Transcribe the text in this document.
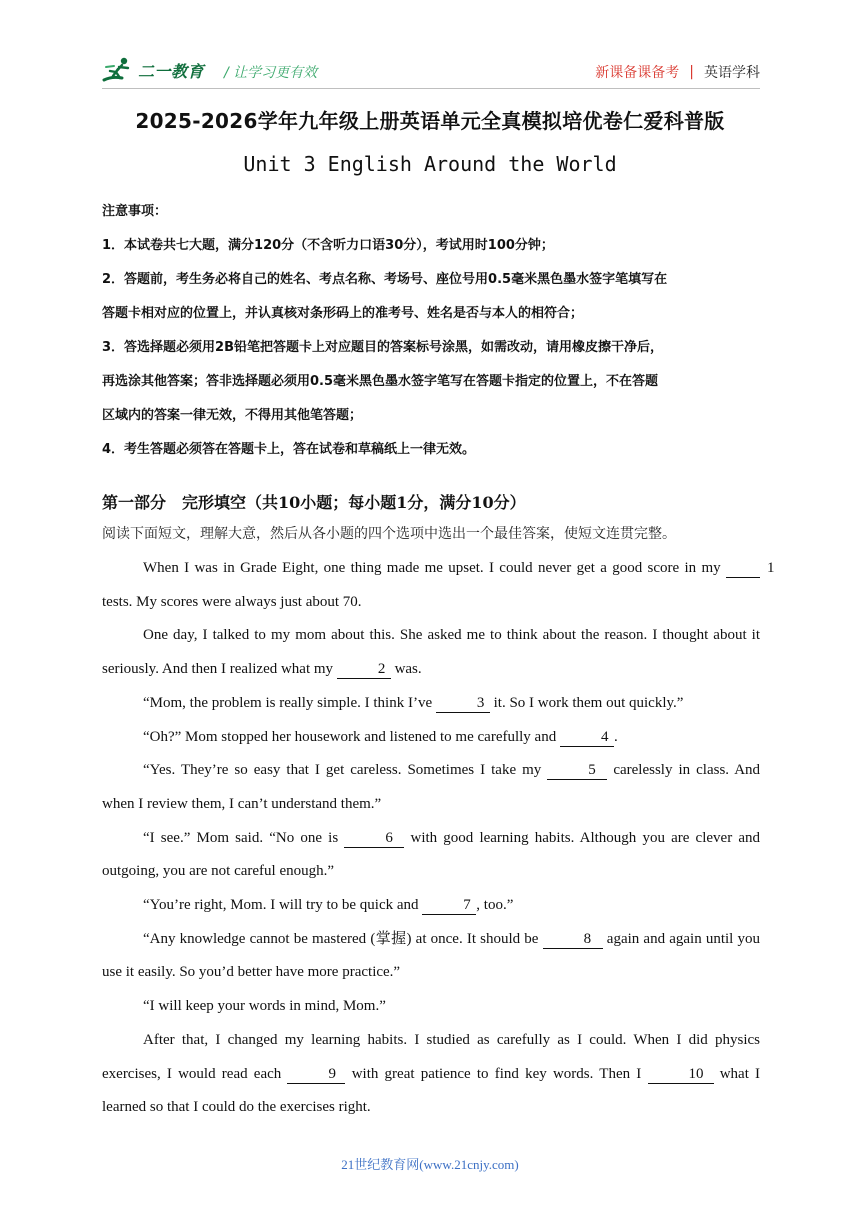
二一教育 / 让学习更有效	新课备课备考 | 英语学科
2025-2026学年九年级上册英语单元全真模拟培优卷仁爱科普版
Unit 3 English Around the World
注意事项：
1．本试卷共七大题，满分120分（不含听力口语30分），考试用时100分钟；
2．答题前，考生务必将自己的姓名、考点名称、考场号、座位号用0.5毫米黑色墨水签字笔填写在
答题卡相对应的位置上，并认真核对条形码上的准考号、姓名是否与本人的相符合；
3．答选择题必须用2B铅笔把答题卡上对应题目的答案标号涂黑，如需改动，请用橡皮擦干净后，
再选涂其他答案；答非选择题必须用0.5毫米黑色墨水签字笔写在答题卡指定的位置上，不在答题
区域内的答案一律无效，不得用其他笔答题；
4．考生答题必须答在答题卡上，答在试卷和草稿纸上一律无效。
第一部分　完形填空（共10小题；每小题1分，满分10分）
阅读下面短文，理解大意，然后从各小题的四个选项中选出一个最佳答案，使短文连贯完整。

When I was in Grade Eight, one thing made me upset. I could never get a good score in my	1 tests. My scores were always just about 70.

One day, I talked to my mom about this. She asked me to think about the reason. I thought about it seriously. And then I realized what my	2 was.

“Mom, the problem is really simple. I think I’ve	3 it. So I work them out quickly.”

“Oh?” Mom stopped her housework and listened to me carefully and	4 .

“Yes. They’re so easy that I get careless. Sometimes I take my	5 carelessly in class. And when I review them, I can’t understand them.”

“I see.” Mom said. “No one is	6 with good learning habits. Although you are clever and outgoing, you are not careful enough.”

“You’re right, Mom. I will try to be quick and	7 , too.”

“Any knowledge cannot be mastered (掌握) at once. It should be	8 again and again until you use it easily. So you’d better have more practice.”

“I will keep your words in mind, Mom.”

After that, I changed my learning habits. I studied as carefully as I could. When I did physics exercises, I would read each	9 with great patience to find key words. Then I	10 what I learned so that I could do the exercises right.

21世纪教育网(www.21cnjy.com)
